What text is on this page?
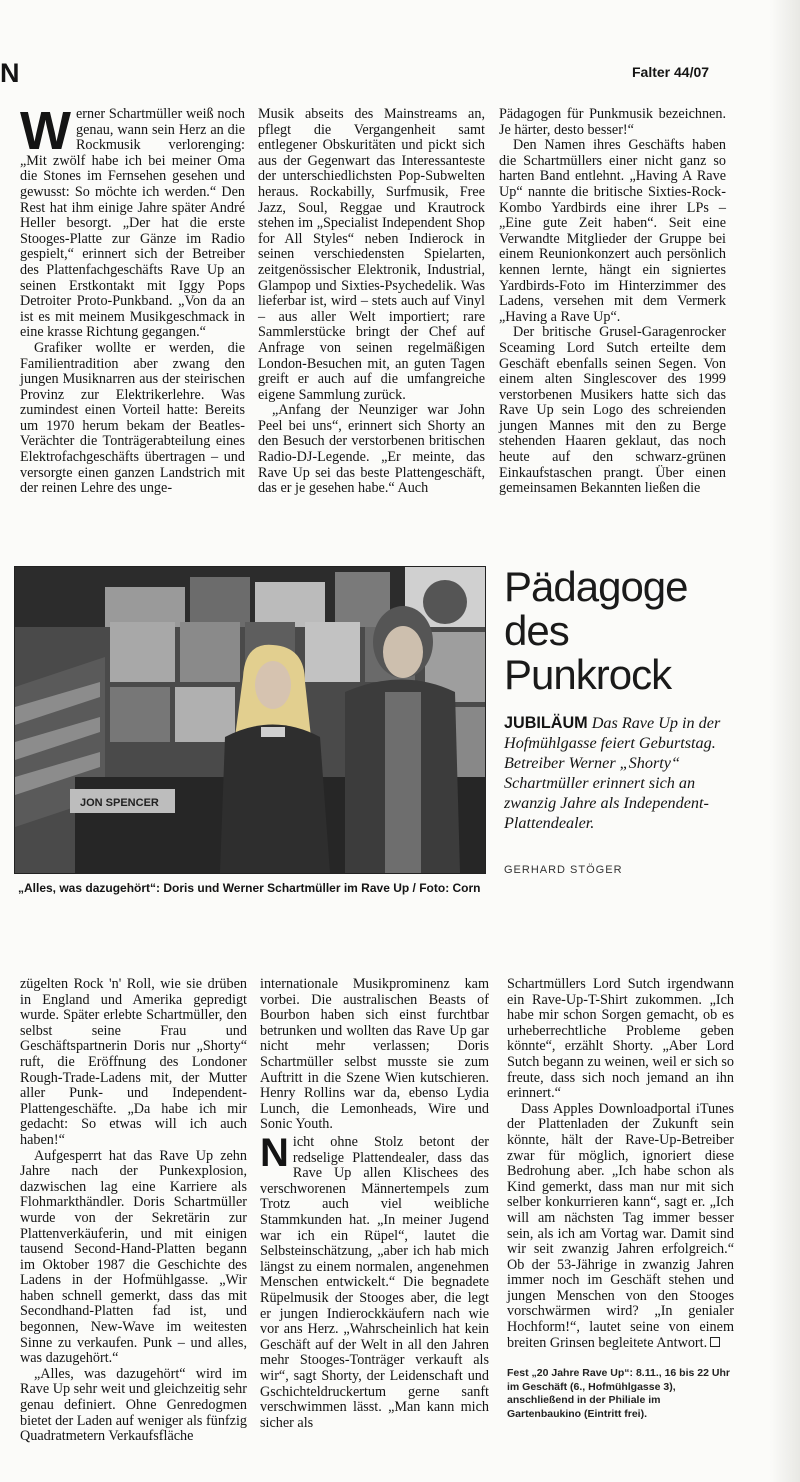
N	Falter 44/07
W erner Schartmüller weiß noch genau, wann sein Herz an die Rockmusik verlorenging: „Mit zwölf habe ich bei meiner Oma die Stones im Fernsehen gesehen und gewusst: So möchte ich werden.“ Den Rest hat ihm einige Jahre später André Heller besorgt. „Der hat die erste Stooges-Platte zur Gänze im Radio gespielt,“ erinnert sich der Betreiber des Plattenfachgeschäfts Rave Up an seinen Erstkontakt mit Iggy Pops Detroiter Proto-Punkband. „Von da an ist es mit meinem Musikgeschmack in eine krasse Richtung gegangen.“

Grafiker wollte er werden, die Familientradition aber zwang den jungen Musiknarren aus der steirischen Provinz zur Elektrikerlehre. Was zumindest einen Vorteil hatte: Bereits um 1970 herum bekam der Beatles-Verächter die Tonträgerabteilung eines Elektrofachgeschäfts übertragen – und versorgte einen ganzen Landstrich mit der reinen Lehre des unge-

Musik abseits des Mainstreams an, pflegt die Vergangenheit samt entlegener Obskuritäten und pickt sich aus der Gegenwart das Interessanteste der unterschiedlichsten Pop-Subwelten heraus. Rockabilly, Surfmusik, Free Jazz, Soul, Reggae und Krautrock stehen im „Specialist Independent Shop for All Styles“ neben Indierock in seinen verschiedensten Spielarten, zeitgenössischer Elektronik, Industrial, Glampop und Sixties-Psychedelik. Was lieferbar ist, wird – stets auch auf Vinyl – aus aller Welt importiert; rare Sammlerstücke bringt der Chef auf Anfrage von seinen regelmäßigen London-Besuchen mit, an guten Tagen greift er auch auf die umfangreiche eigene Sammlung zurück.

„Anfang der Neunziger war John Peel bei uns“, erinnert sich Shorty an den Besuch der verstorbenen britischen Radio-DJ-Legende. „Er meinte, das Rave Up sei das beste Plattengeschäft, das er je gesehen habe.“ Auch

Pädagogen für Punkmusik bezeichnen. Je härter, desto besser!“

Den Namen ihres Geschäfts haben die Schartmüllers einer nicht ganz so harten Band entlehnt. „Having A Rave Up“ nannte die britische Sixties-Rock-Kombo Yardbirds eine ihrer LPs – „Eine gute Zeit haben“. Seit eine Verwandte Mitglieder der Gruppe bei einem Reunionkonzert auch persönlich kennen lernte, hängt ein signiertes Yardbirds-Foto im Hinterzimmer des Ladens, versehen mit dem Vermerk „Having a Rave Up“.

Der britische Grusel-Garagenrocker Sceaming Lord Sutch erteilte dem Geschäft ebenfalls seinen Segen. Von einem alten Singlescover des 1999 verstorbenen Musikers hatte sich das Rave Up sein Logo des schreienden jungen Mannes mit den zu Berge stehenden Haaren geklaut, das noch heute auf den schwarz-grünen Einkaufstaschen prangt. Über einen gemeinsamen Bekannten ließen die

JON SPENCER
„Alles, was dazugehört“: Doris und Werner Schartmüller im Rave Up / Foto: Corn
Pädagoge
des
Punkrock
JUBILÄUM Das Rave Up in der Hofmühlgasse feiert Geburtstag. Betreiber Werner „Shorty“ Schartmüller erinnert sich an zwanzig Jahre als Independent-Plattendealer.
GERHARD STÖGER

zügelten Rock 'n' Roll, wie sie drüben in England und Amerika gepredigt wurde. Später erlebte Schartmüller, den selbst seine Frau und Geschäftspartnerin Doris nur „Shorty“ ruft, die Eröffnung des Londoner Rough-Trade-Ladens mit, der Mutter aller Punk- und Independent-Plattengeschäfte. „Da habe ich mir gedacht: So etwas will ich auch haben!“

Aufgesperrt hat das Rave Up zehn Jahre nach der Punkexplosion, dazwischen lag eine Karriere als Flohmarkthändler. Doris Schartmüller wurde von der Sekretärin zur Plattenverkäuferin, und mit einigen tausend Second-Hand-Platten begann im Oktober 1987 die Geschichte des Ladens in der Hofmühlgasse. „Wir haben schnell gemerkt, dass das mit Secondhand-Platten fad ist, und begonnen, New-Wave im weitesten Sinne zu verkaufen. Punk – und alles, was dazugehört.“

„Alles, was dazugehört“ wird im Rave Up sehr weit und gleichzeitig sehr genau definiert. Ohne Genredogmen bietet der Laden auf weniger als fünfzig Quadratmetern Verkaufsfläche

internationale Musikprominenz kam vorbei. Die australischen Beasts of Bourbon haben sich einst furchtbar betrunken und wollten das Rave Up gar nicht mehr verlassen; Doris Schartmüller selbst musste sie zum Auftritt in die Szene Wien kutschieren. Henry Rollins war da, ebenso Lydia Lunch, die Lemonheads, Wire und Sonic Youth.

N icht ohne Stolz betont der redselige Plattendealer, dass das Rave Up allen Klischees des verschworenen Männertempels zum Trotz auch viel weibliche Stammkunden hat. „In meiner Jugend war ich ein Rüpel“, lautet die Selbsteinschätzung, „aber ich hab mich längst zu einem normalen, angenehmen Menschen entwickelt.“ Die begnadete Rüpelmusik der Stooges aber, die legt er jungen Indierockkäufern nach wie vor ans Herz. „Wahrscheinlich hat kein Geschäft auf der Welt in all den Jahren mehr Stooges-Tonträger verkauft als wir“, sagt Shorty, der Leidenschaft und Gschichteldruckertum gerne sanft verschwimmen lässt. „Man kann mich sicher als

Schartmüllers Lord Sutch irgendwann ein Rave-Up-T-Shirt zukommen. „Ich habe mir schon Sorgen gemacht, ob es urheberrechtliche Probleme geben könnte“, erzählt Shorty. „Aber Lord Sutch begann zu weinen, weil er sich so freute, dass sich noch jemand an ihn erinnert.“

Dass Apples Downloadportal iTunes der Plattenladen der Zukunft sein könnte, hält der Rave-Up-Betreiber zwar für möglich, ignoriert diese Bedrohung aber. „Ich habe schon als Kind gemerkt, dass man nur mit sich selber konkurrieren kann“, sagt er. „Ich will am nächsten Tag immer besser sein, als ich am Vortag war. Damit sind wir seit zwanzig Jahren erfolgreich.“ Ob der 53-Jährige in zwanzig Jahren immer noch im Geschäft stehen und jungen Menschen von den Stooges vorschwärmen wird? „In genialer Hochform!“, lautet seine von einem breiten Grinsen begleitete Antwort.

Fest „20 Jahre Rave Up“: 8.11., 16 bis 22 Uhr im Geschäft (6., Hofmühlgasse 3), anschließend in der Philiale im Gartenbaukino (Eintritt frei).
